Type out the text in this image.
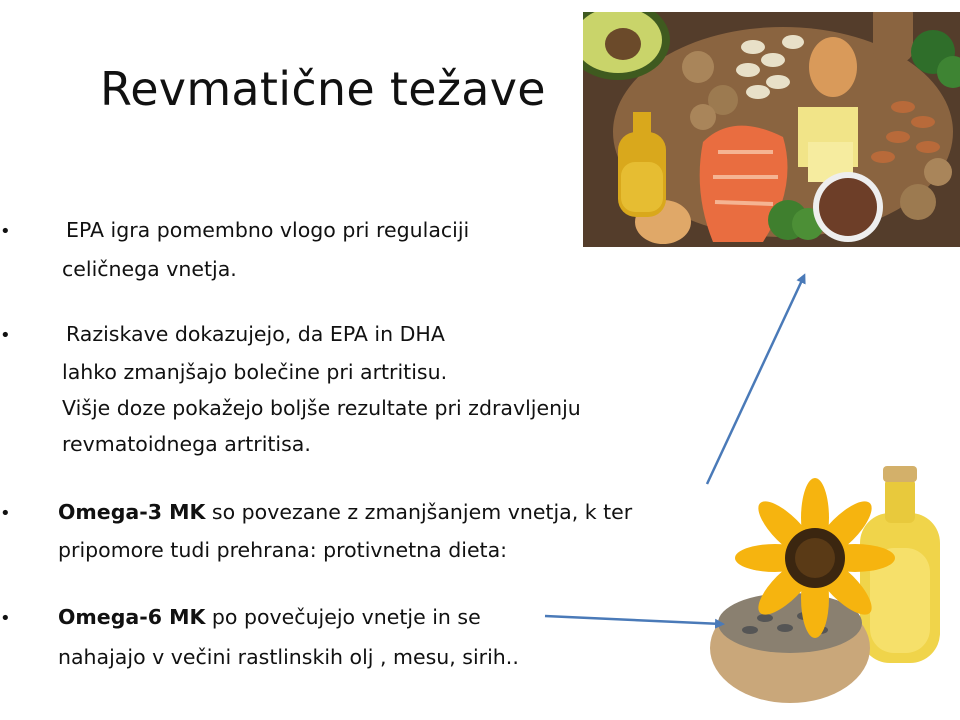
Revmatične težave
•	EPA igra pomembno vlogo pri regulaciji
celičnega vnetja.
•	Raziskave dokazujejo, da EPA in DHA
lahko zmanjšajo bolečine pri artritisu.
Višje doze pokažejo boljše rezultate pri zdravljenju
revmatoidnega artritisa.
• Omega-3 MK so povezane z zmanjšanjem vnetja, k ter
pripomore tudi prehrana: protivnetna dieta:
• Omega-6 MK po povečujejo vnetje in se
nahajajo v večini rastlinskih olj , mesu, sirih..
